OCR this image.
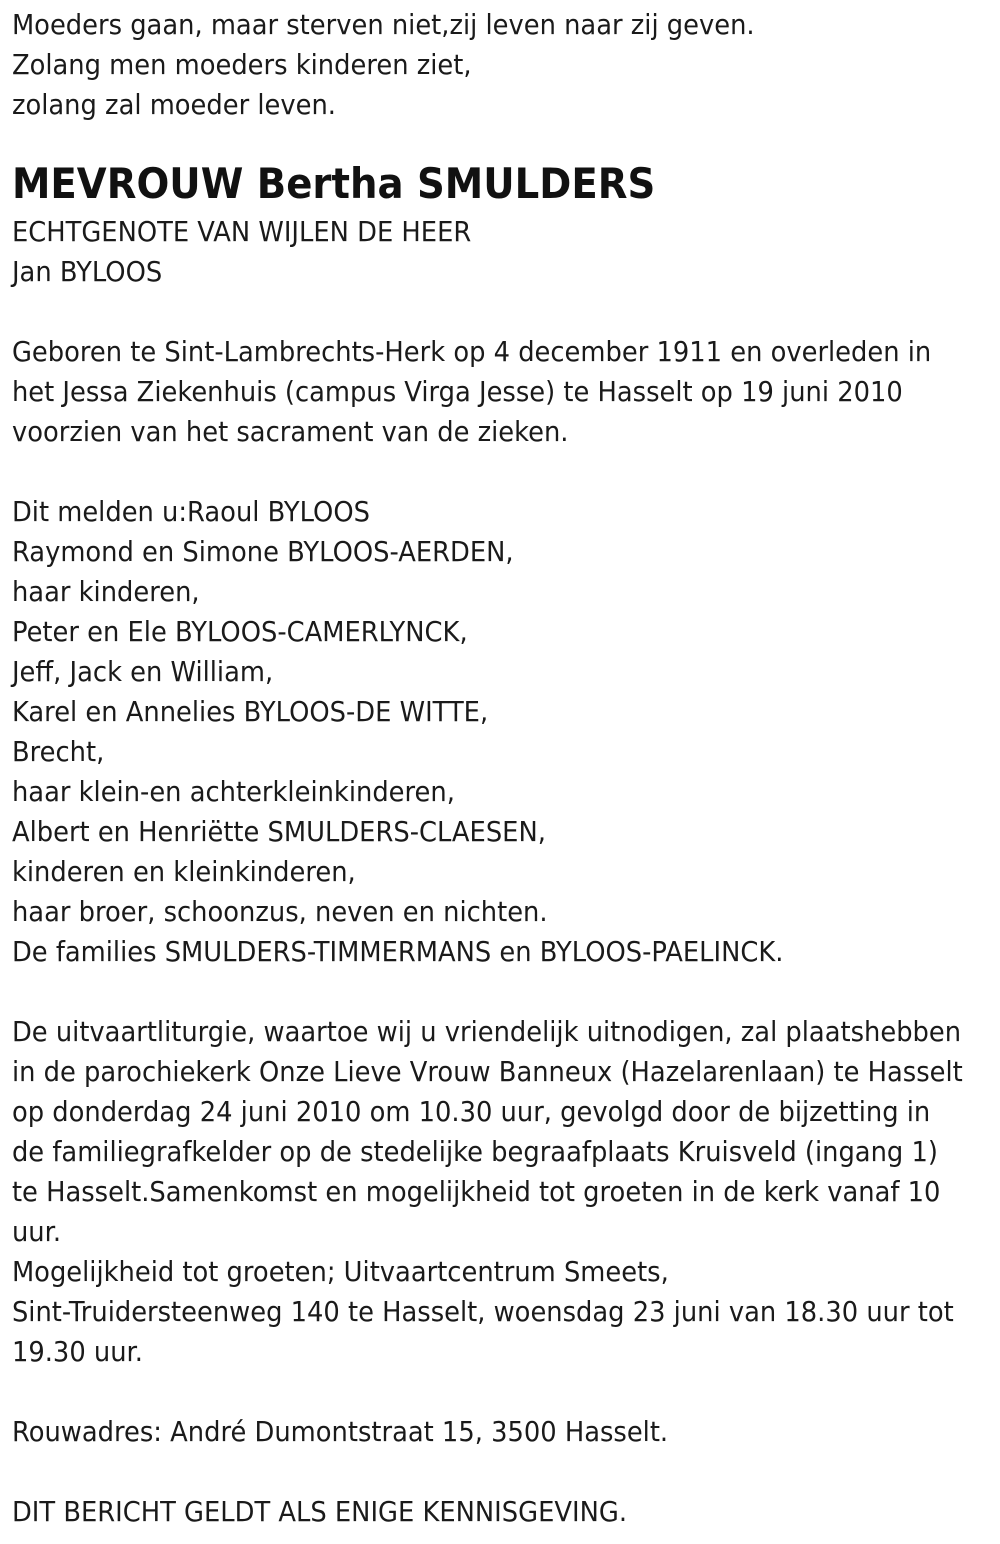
Moeders gaan, maar sterven niet,zij leven naar zij geven.
Zolang men moeders kinderen ziet,
zolang zal moeder leven.
MEVROUW Bertha SMULDERS
ECHTGENOTE VAN WIJLEN DE HEER
Jan BYLOOS
Geboren te Sint-Lambrechts-Herk op 4 december 1911 en overleden in
het Jessa Ziekenhuis (campus Virga Jesse) te Hasselt op 19 juni 2010
voorzien van het sacrament van de zieken.
Dit melden u:Raoul BYLOOS
Raymond en Simone BYLOOS-AERDEN,
haar kinderen,
Peter en Ele BYLOOS-CAMERLYNCK,
Jeff, Jack en William,
Karel en Annelies BYLOOS-DE WITTE,
Brecht,
haar klein-en achterkleinkinderen,
Albert en Henriëtte SMULDERS-CLAESEN,
kinderen en kleinkinderen,
haar broer, schoonzus, neven en nichten.
De families SMULDERS-TIMMERMANS en BYLOOS-PAELINCK.
De uitvaartliturgie, waartoe wij u vriendelijk uitnodigen, zal plaatshebben
in de parochiekerk Onze Lieve Vrouw Banneux (Hazelarenlaan) te Hasselt
op donderdag 24 juni 2010 om 10.30 uur, gevolgd door de bijzetting in
de familiegrafkelder op de stedelijke begraafplaats Kruisveld (ingang 1)
te Hasselt.Samenkomst en mogelijkheid tot groeten in de kerk vanaf 10
uur.
Mogelijkheid tot groeten; Uitvaartcentrum Smeets,
Sint-Truidersteenweg 140 te Hasselt, woensdag 23 juni van 18.30 uur tot
19.30 uur.
Rouwadres: André Dumontstraat 15, 3500 Hasselt.
DIT BERICHT GELDT ALS ENIGE KENNISGEVING.
